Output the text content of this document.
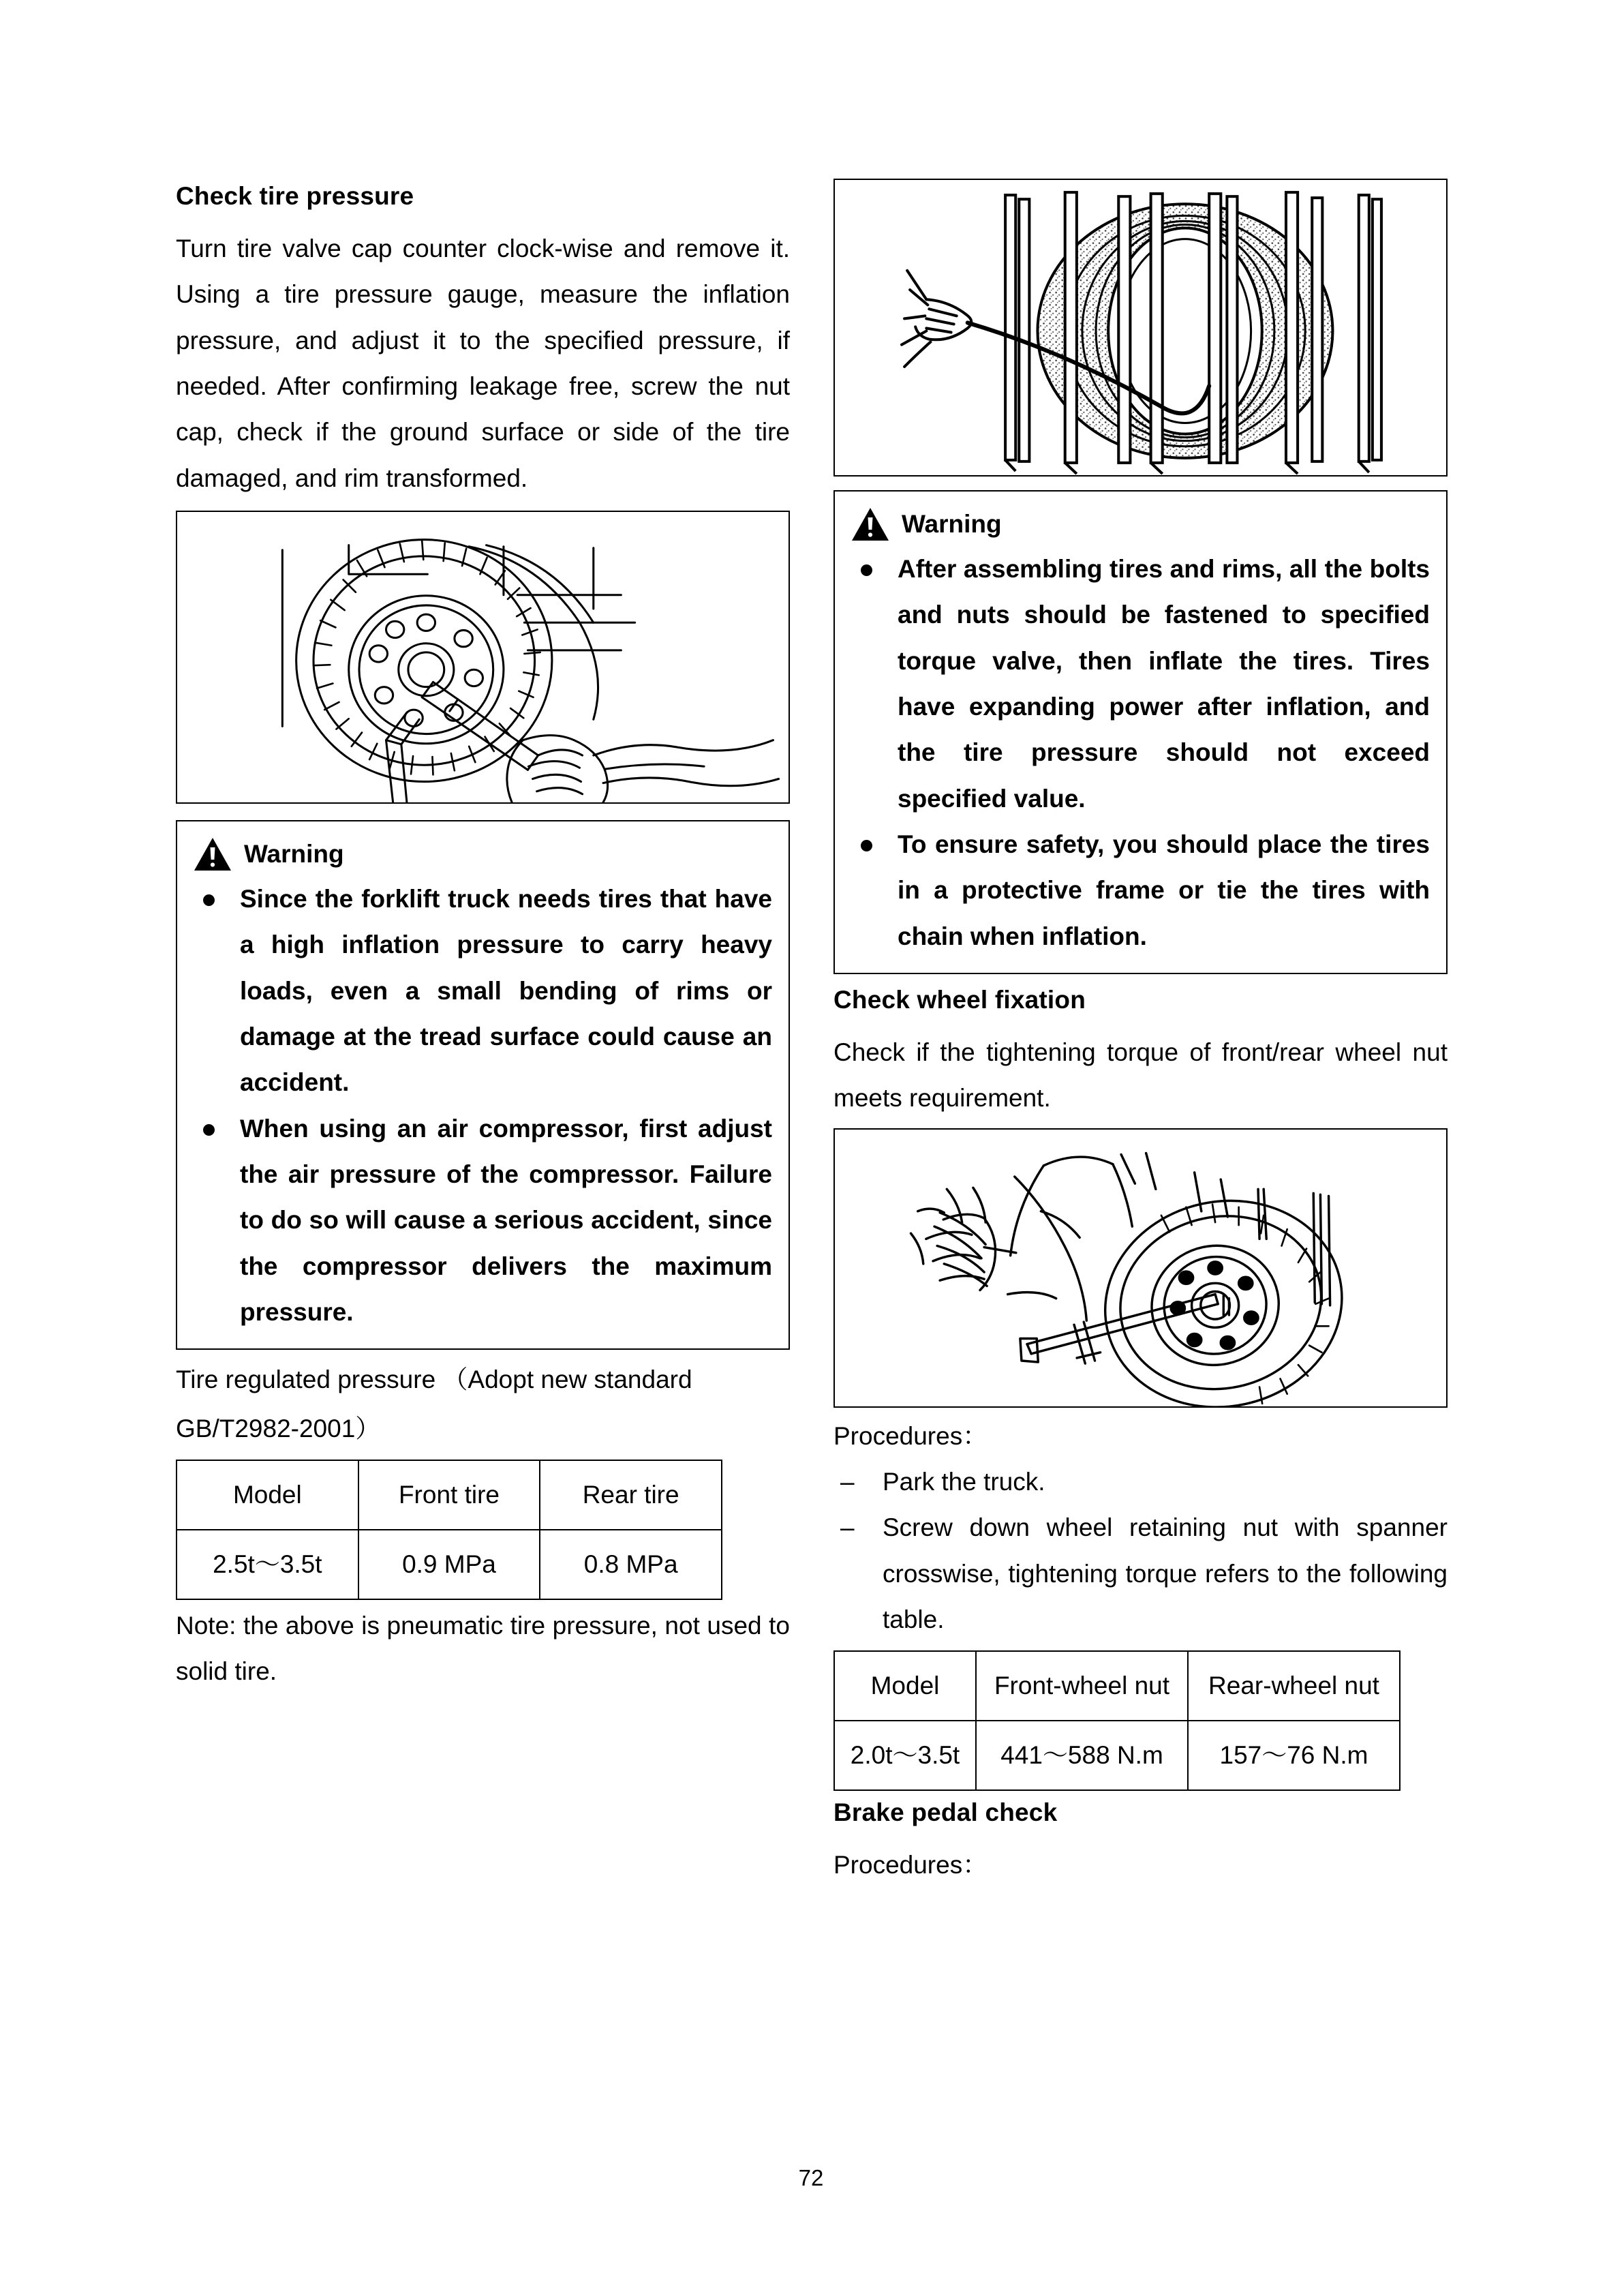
Check tire pressure

Turn tire valve cap counter clock-wise and remove it. Using a tire pressure gauge, measure the inflation pressure, and adjust it to the specified pressure, if needed. After confirming leakage free, screw the nut cap, check if the ground surface or side of the tire damaged, and rim transformed.

Warning
Since the forklift truck needs tires that have a high inflation pressure to carry heavy loads, even a small bending of rims or damage at the tread surface could cause an accident.
When using an air compressor, first adjust the air pressure of the compressor. Failure to do so will cause a serious accident, since the compressor delivers the maximum pressure.

Tire regulated pressure （Adopt new standard

GB/T2982-2001）

Model	Front tire	Rear tire
2.5t～3.5t	0.9 MPa	0.8 MPa

Note: the above is pneumatic tire pressure, not used to solid tire.

Warning
After assembling tires and rims, all the bolts and nuts should be fastened to specified torque valve, then inflate the tires. Tires have expanding power after inflation, and the tire pressure should not exceed specified value.
To ensure safety, you should place the tires in a protective frame or tie the tires with chain when inflation.
Check wheel fixation

Check if the tightening torque of front/rear wheel nut meets requirement.

Procedures：

– Park the truck.
– Screw down wheel retaining nut with spanner crosswise, tightening torque refers to the following table.
Model	Front-wheel nut	Rear-wheel nut
2.0t～3.5t	441～588 N.m	157～76 N.m
Brake pedal check

Procedures：

72
